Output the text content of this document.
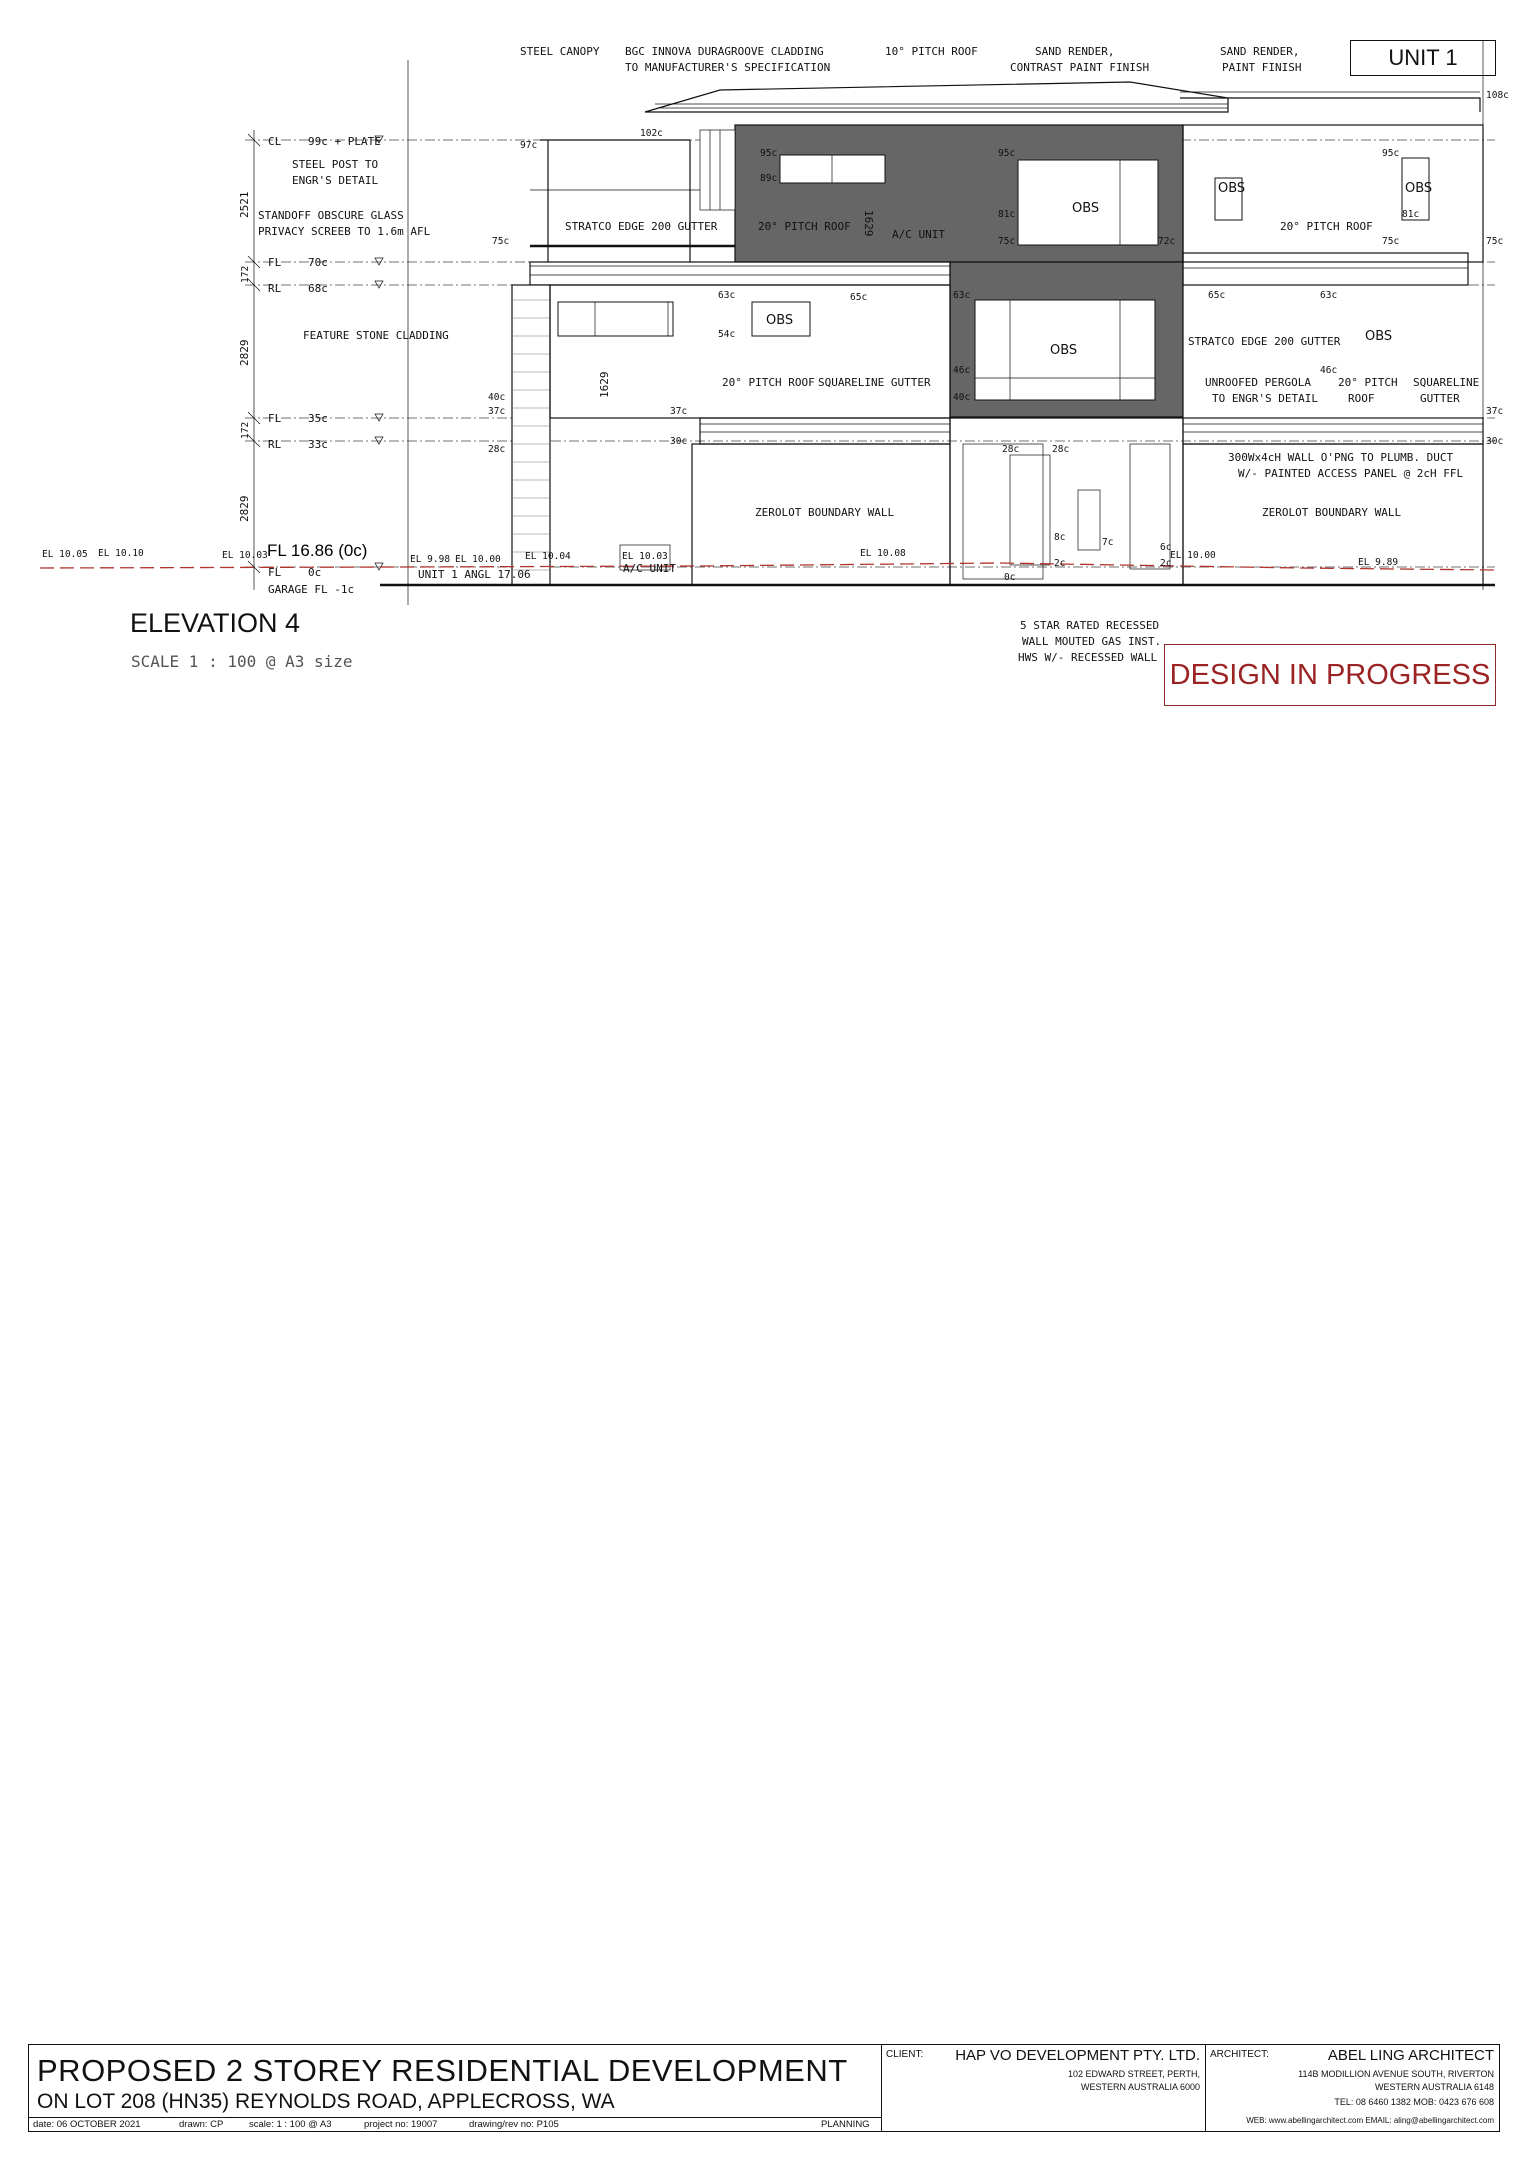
STEEL CANOPY BGC INNOVA DURAGROOVE CLADDING
TO MANUFACTURER'S SPECIFICATION
10° PITCH ROOF	SAND RENDER,
CONTRAST PAINT FINISH
SAND RENDER,
PAINT FINISH
STEEL POST TO
ENGR'S DETAIL
STANDOFF OBSCURE GLASS
PRIVACY SCREEB TO 1.6m AFL	STRATCO EDGE 200 GUTTER	20° PITCH ROOF
A/C UNIT
20° PITCH ROOF
FEATURE STONE CLADDING	STRATCO EDGE 200 GUTTER
20° PITCH ROOF SQUARELINE GUTTER	UNROOFED PERGOLA
TO ENGR'S DETAIL
20° PITCH
ROOF
SQUARELINE
GUTTER
300Wx4cH WALL O'PNG TO PLUMB. DUCT
W/- PAINTED ACCESS PANEL @ 2cH FFL
ZEROLOT BOUNDARY WALL	ZEROLOT BOUNDARY WALL
5 STAR RATED RECESSED
WALL MOUTED GAS INST.
HWS W/- RECESSED WALL
A/C UNIT
OBS
OBS	OBS
OBS
OBS
OBS
CL 99c + PLATE
FL 70c
RL 68c
FL 35c
RL 33c
FL 16.86 (0c)
FL 0c
GARAGE FL -1c
UNIT 1 ANGL 17.06
2521
172
2829
172
2829
1629
1629
108c
97c
102c
95c
89c
95c
81c
75c	72c
95c
81c
75c	75c
75c
63c	65c	63c	65c	63c
54c
46c
40c
46c
40c
37c
28c
37c	37c
30c	30c
28c	28c
8c	7c
2c
0c
6c
2c
EL 10.05 EL 10.10	EL 10.03	EL 9.98 EL 10.00	EL 10.04	EL 10.03	EL 10.08	EL 10.00
EL 9.89
UNIT 1
ELEVATION 4
SCALE 1 : 100 @ A3 size	DESIGN IN PROGRESS
PROPOSED 2 STOREY RESIDENTIAL DEVELOPMENT
ON LOT 208 (HN35) REYNOLDS ROAD, APPLECROSS, WA
date: 06 OCTOBER 2021	drawn: CP	scale: 1 : 100 @ A3	project no: 19007	drawing/rev no: P105	PLANNING
CLIENT: HAP VO DEVELOPMENT PTY. LTD.
102 EDWARD STREET, PERTH,
WESTERN AUSTRALIA 6000
ARCHITECT:	ABEL LING ARCHITECT
114B MODILLION AVENUE SOUTH, RIVERTON
WESTERN AUSTRALIA 6148
TEL: 08 6460 1382 MOB: 0423 676 608
WEB: www.abellingarchitect.com EMAIL: aling@abellingarchitect.com
